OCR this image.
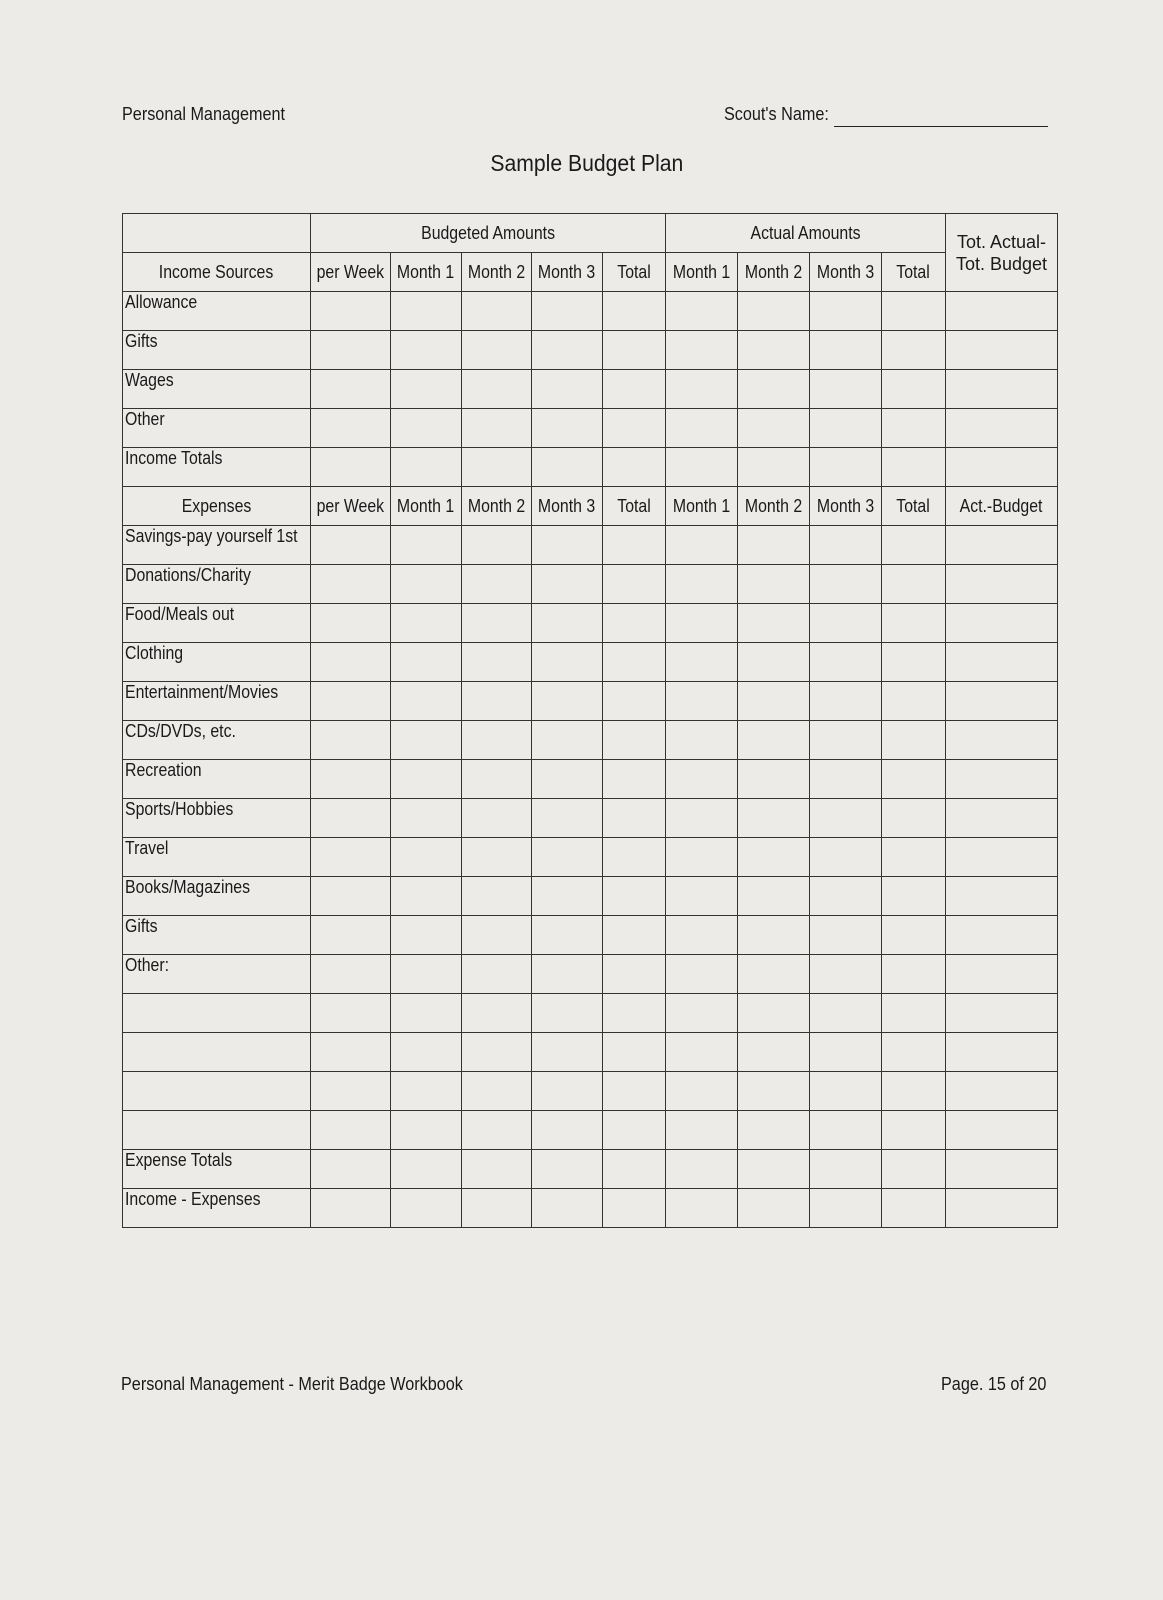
Personal Management	Scout's Name:
Sample Budget Plan
	Budgeted Amounts					Actual Amounts				Tot. Actual-
Tot. Budget

Income Sources	per Week	Month 1	Month 2	Month 3	Total	Month 1	Month 2	Month 3	Total	
Allowance										
Gifts										
Wages										
Other										
Income Totals										
Expenses	per Week	Month 1	Month 2	Month 3	Total	Month 1	Month 2	Month 3	Total	Act.-Budget
Savings-pay yourself 1st										
Donations/Charity										
Food/Meals out										
Clothing										
Entertainment/Movies										
CDs/DVDs, etc.										
Recreation										
Sports/Hobbies										
Travel										
Books/Magazines										
Gifts										
Other:										

Expense Totals										
Income - Expenses										
Personal Management - Merit Badge Workbook	Page. 15 of 20
